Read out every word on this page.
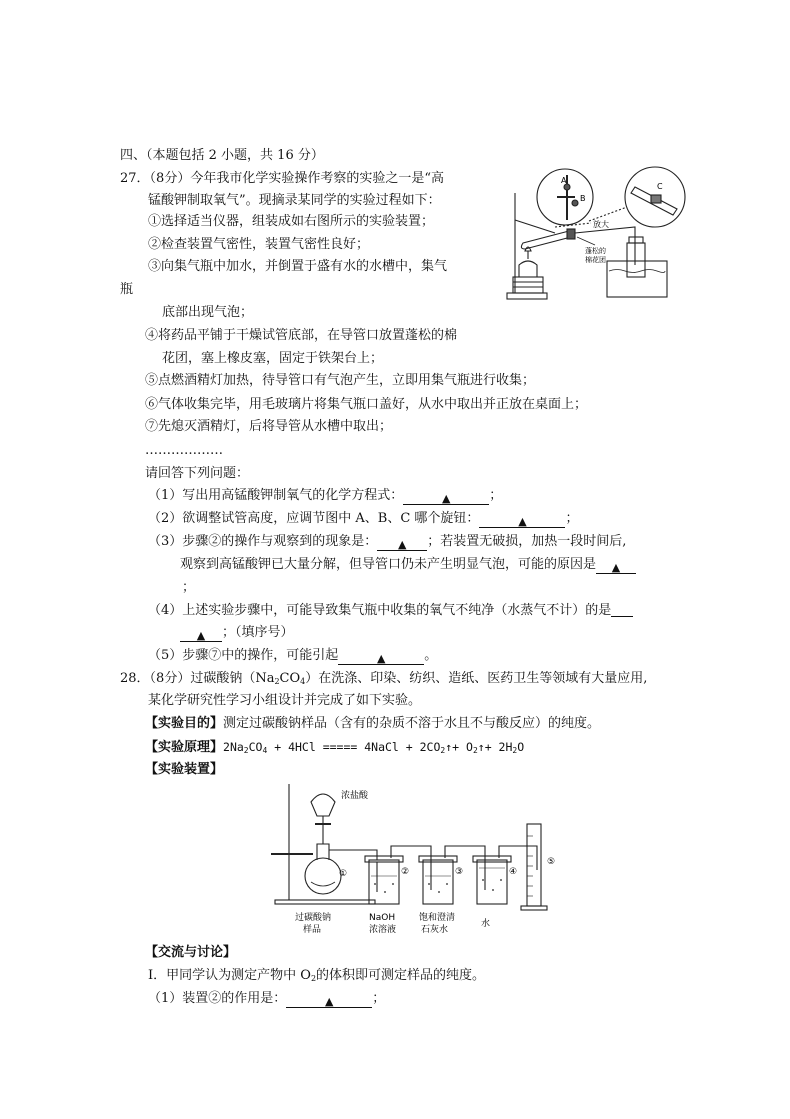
四、（本题包括 2 小题，共 16 分）
27．（8分）今年我市化学实验操作考察的实验之一是“高
锰酸钾制取氧气”。现摘录某同学的实验过程如下：
①选择适当仪器，组装成如右图所示的实验装置；
②检查装置气密性，装置气密性良好；
③向集气瓶中加水，并倒置于盛有水的水槽中，集气
瓶
底部出现气泡；
④将药品平铺于干燥试管底部，在导管口放置蓬松的棉
花团，塞上橡皮塞，固定于铁架台上；
⑤点燃酒精灯加热，待导管口有气泡产生，立即用集气瓶进行收集；
⑥气体收集完毕，用毛玻璃片将集气瓶口盖好，从水中取出并正放在桌面上；
⑦先熄灭酒精灯，后将导管从水槽中取出；
………………
请回答下列问题：
（1）写出用高锰酸钾制氧气的化学方程式：	▲	；
（2）欲调整试管高度，应调节图中 A、B、C 哪个旋钮：	▲	；
（3）步骤②的操作与观察到的现象是： ▲ ；若装置无破损，加热一段时间后,
观察到高锰酸钾已大量分解，但导管口仍未产生明显气泡，可能的原因是 ▲
；
（4）上述实验步骤中，可能导致集气瓶中收集的氧气不纯净（水蒸气不计）的是
▲ ；（填序号）
（5）步骤⑦中的操作，可能引起	▲	。
A
B
C
放大
蓬松的
棉花团
28．（8分）过碳酸钠$(Na_2CO_4)$在洗涤、印染、纺织、造纸、医药卫生等领域有大量应用,
某化学研究性学习小组设计并完成了如下实验。
【实验目的】测定过碳酸钠样品（含有的杂质不溶于水且不与酸反应）的纯度。
【实验原理】$2Na_2CO_4 + 4HCl$ ===== 4NaCl + $2CO_2↑+$ $O_2↑+ 2H_2O$
【实验装置】
浓盐酸
①	②	③	④
⑤
过碳酸钠
样品
NaOH
浓溶液
饱和澄清
石灰水
水
【交流与讨论】
Ⅰ．甲同学认为测定产物中 $O_2$的体积即可测定样品的纯度。
（1）装置②的作用是：	▲	；
